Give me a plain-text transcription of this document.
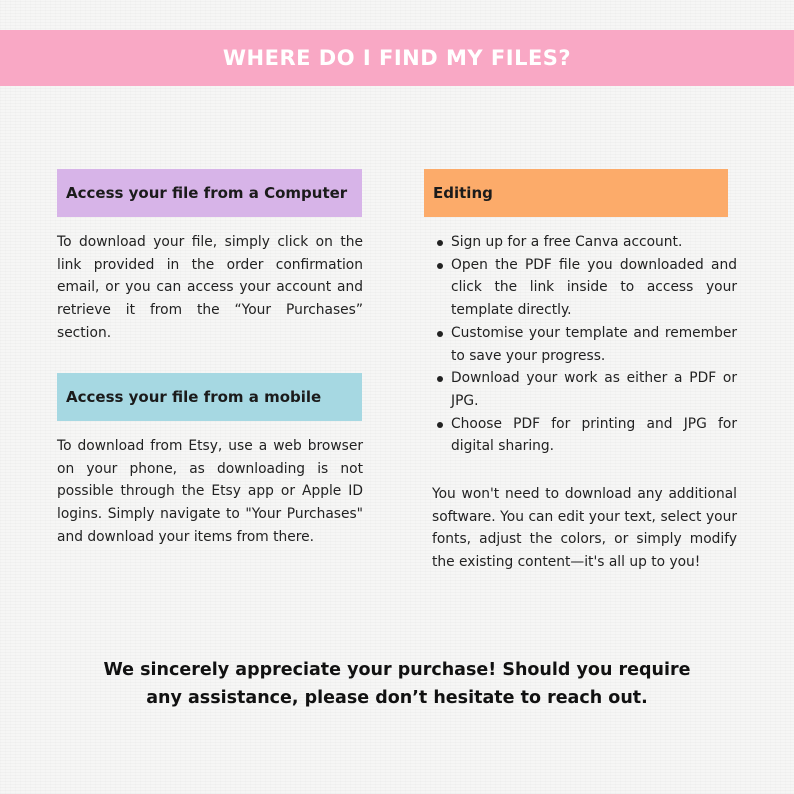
WHERE DO I FIND MY FILES?
Access your file from a Computer

To download your file, simply click on the link provided in the order confirmation email, or you can access your account and retrieve it from the “Your Purchases” section.

Access your file from a mobile

To download from Etsy, use a web browser on your phone, as downloading is not possible through the Etsy app or Apple ID logins. Simply navigate to "Your Purchases" and download your items from there.

Editing
Sign up for a free Canva account.
Open the PDF file you downloaded and click the link inside to access your template directly.
Customise your template and remember to save your progress.
Download your work as either a PDF or JPG.
Choose PDF for printing and JPG for digital sharing.

You won't need to download any additional software. You can edit your text, select your fonts, adjust the colors, or simply modify the existing content—it's all up to you!

We sincerely appreciate your purchase! Should you require
any assistance, please don’t hesitate to reach out.
